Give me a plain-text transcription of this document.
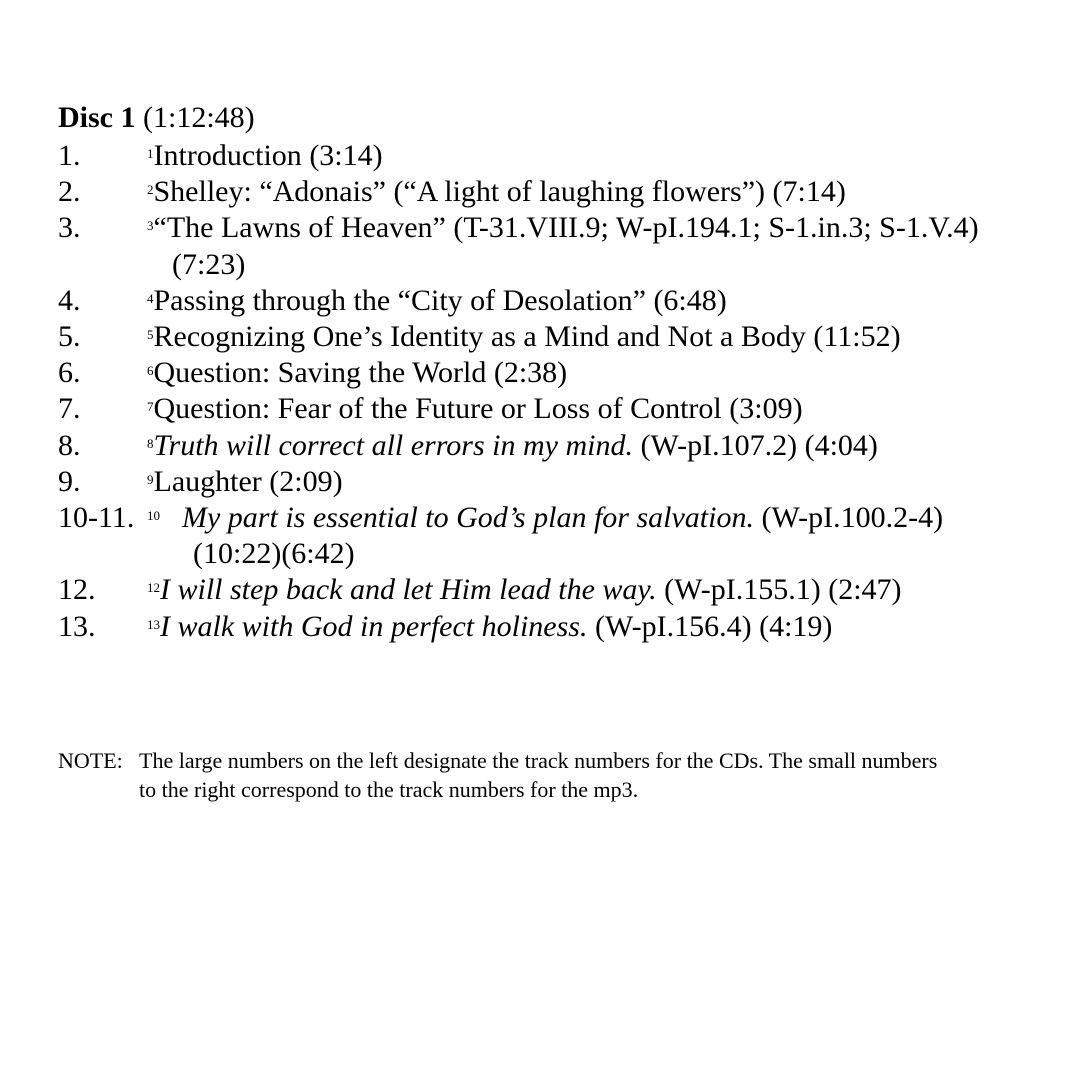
Disc 1 (1:12:48)
1.	$^1$Introduction (3:14)
2.	$^2$Shelley: “Adonais” (“A light of laughing flowers”) (7:14)
3.	$^3$“The Lawns of Heaven” (T-31.VIII.9; W-pI.194.1; S-1.in.3; S-1.V.4)
(7:23)
4.	$^4$Passing through the “City of Desolation” (6:48)
5.	$^5$Recognizing One’s Identity as a Mind and Not a Body (11:52)
6.	$^6$Question: Saving the World (2:38)
7.	$^7$Question: Fear of the Future or Loss of Control (3:09)
8.	$^8$Truth will correct all errors in my mind. (W-pI.107.2) (4:04)
9.	$^9$Laughter (2:09)
10-11. $^{10}$ My part is essential to God’s plan for salvation. (W-pI.100.2-4)
(10:22)(6:42)
12.	$^{12}$I will step back and let Him lead the way. (W-pI.155.1) (2:47)
13.	$^{13}$I walk with God in perfect holiness. (W-pI.156.4) (4:19)
NOTE: The large numbers on the left designate the track numbers for the CDs. The small numbers
to the right correspond to the track numbers for the mp3.
